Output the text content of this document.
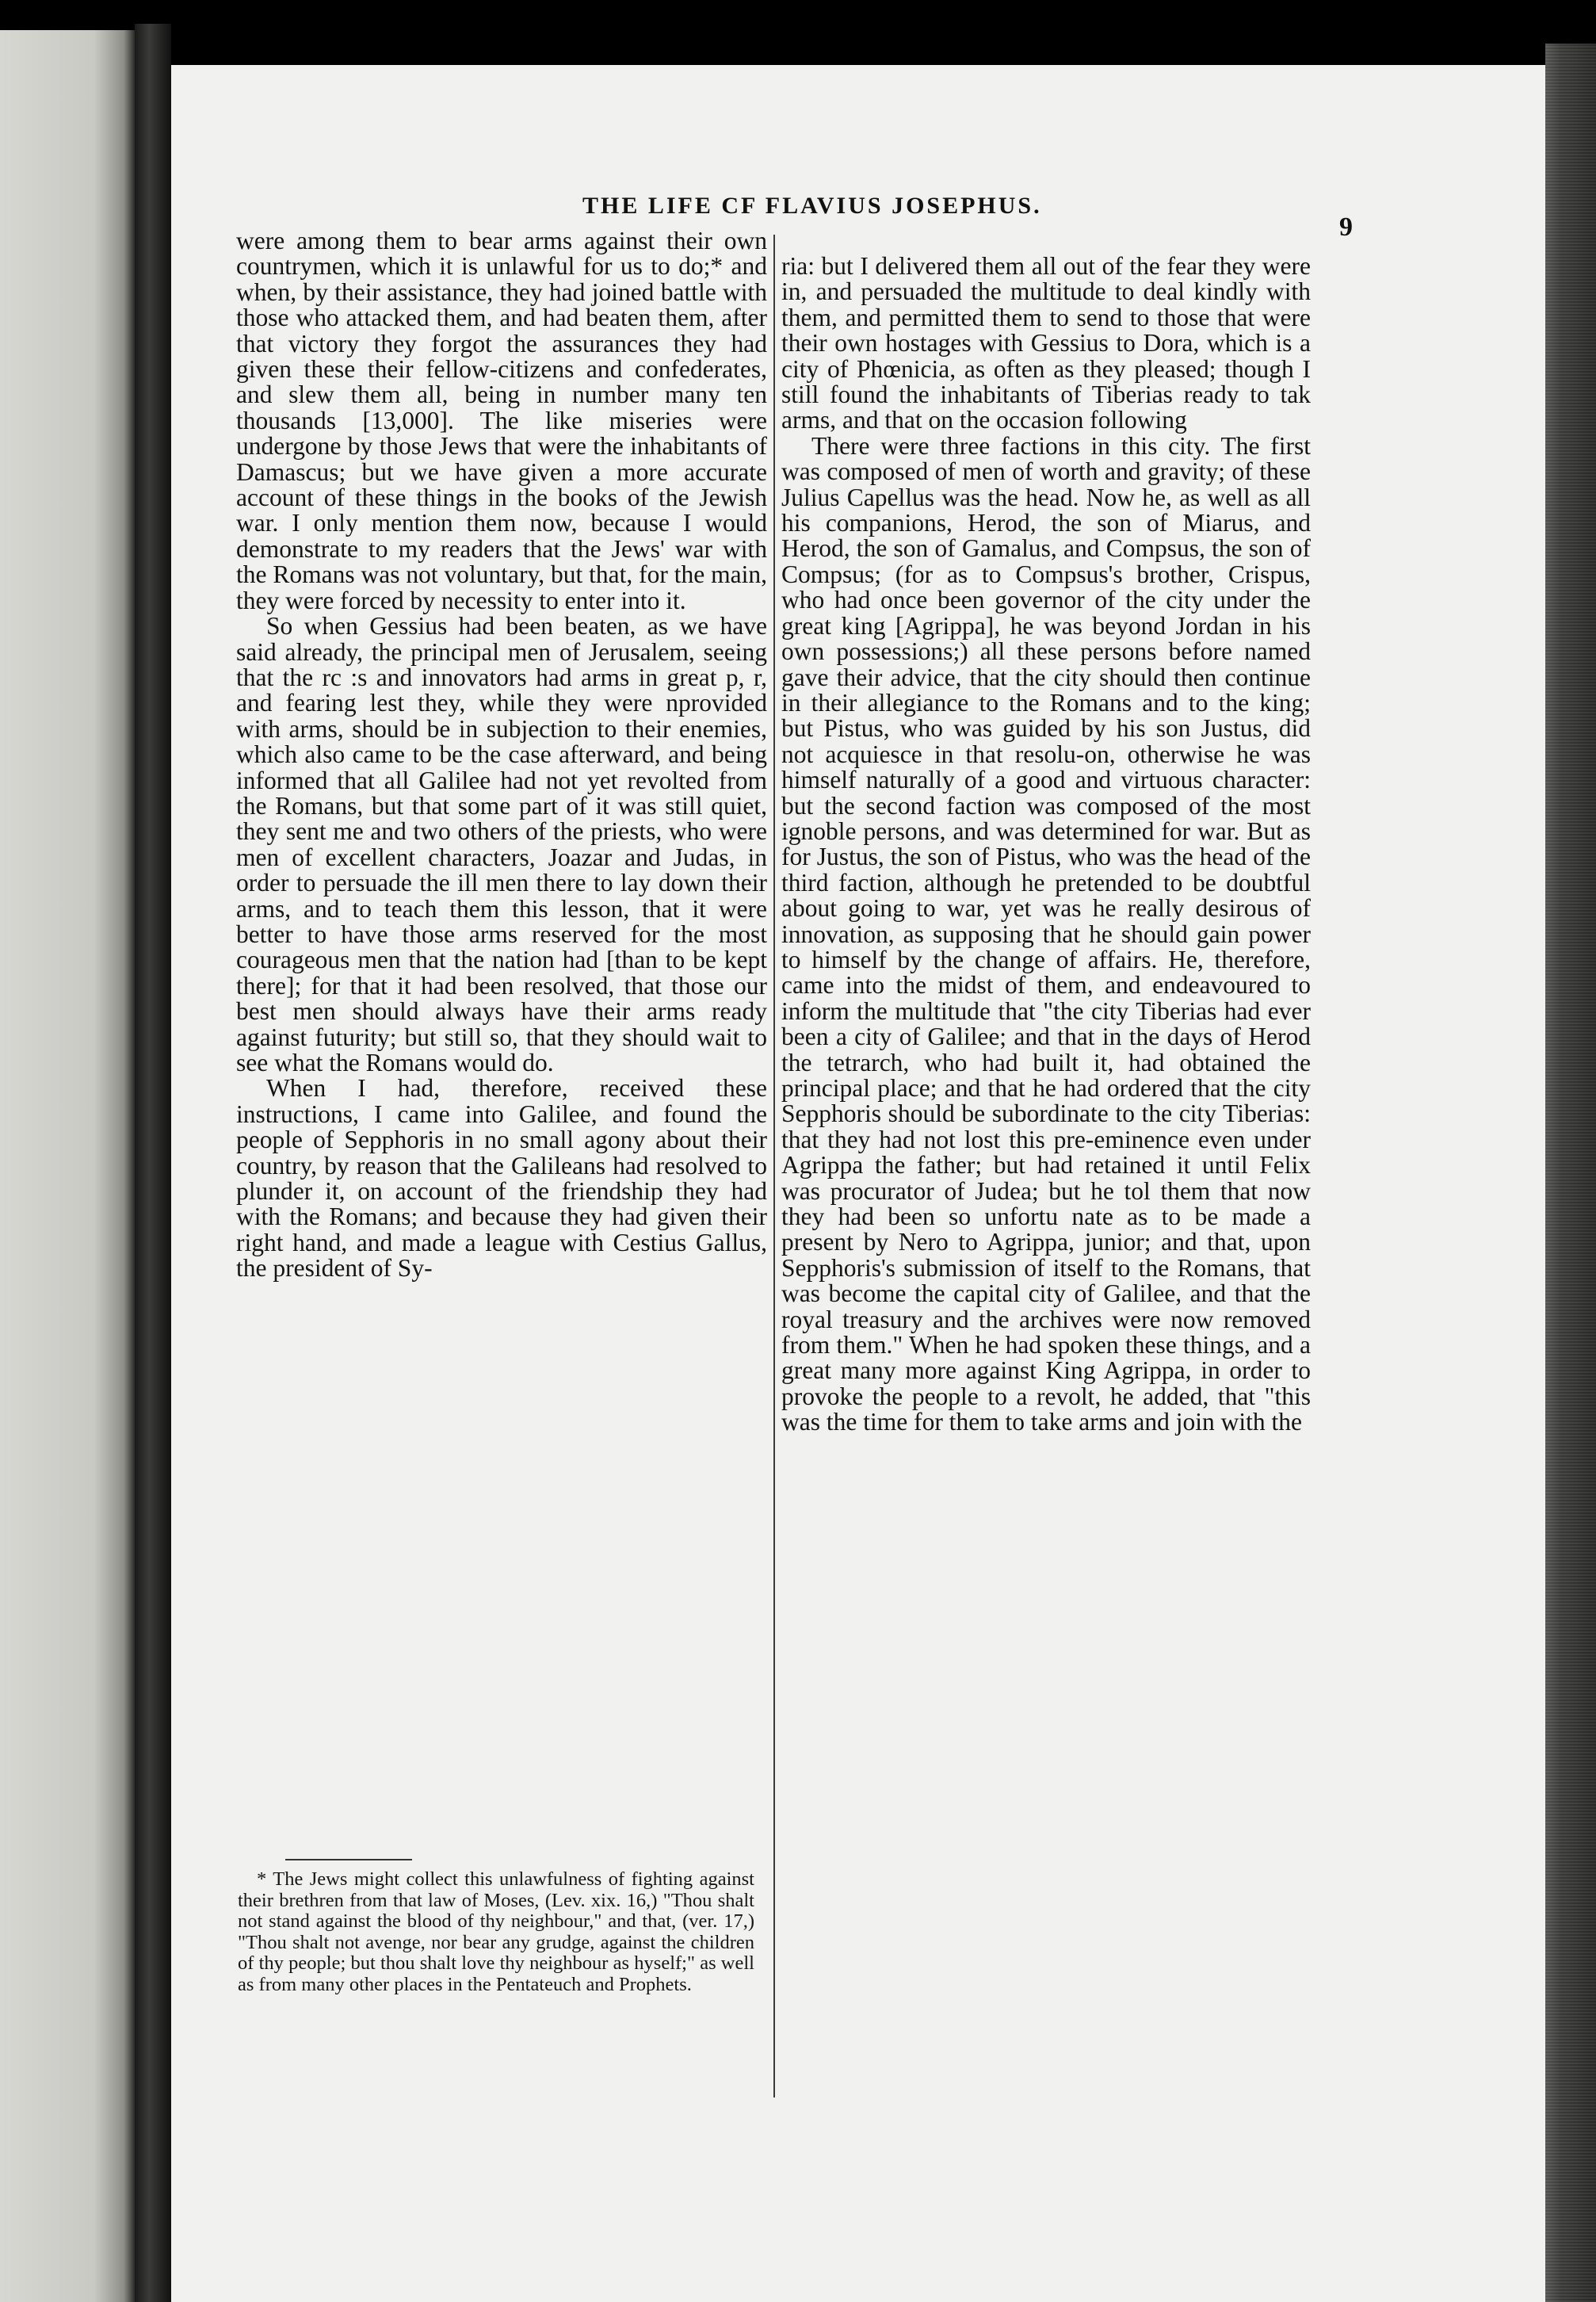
THE LIFE CF FLAVIUS JOSEPHUS.
9

were among them to bear arms against their own countrymen, which it is unlawful for us to do;* and when, by their assistance, they had joined battle with those who attacked them, and had beaten them, after that victory they forgot the assurances they had given these their fellow-citizens and confederates, and slew them all, being in number many ten thousands [13,000]. The like miseries were undergone by those Jews that were the inhabitants of Damascus; but we have given a more accurate account of these things in the books of the Jewish war. I only mention them now, because I would demonstrate to my readers that the Jews' war with the Romans was not voluntary, but that, for the main, they were forced by necessity to enter into it.

So when Gessius had been beaten, as we have said already, the principal men of Jerusalem, seeing that the rc :s and innovators had arms in great p, r, and fearing lest they, while they were nprovided with arms, should be in subjection to their enemies, which also came to be the case afterward, and being informed that all Galilee had not yet revolted from the Romans, but that some part of it was still quiet, they sent me and two others of the priests, who were men of excellent characters, Joazar and Judas, in order to persuade the ill men there to lay down their arms, and to teach them this lesson, that it were better to have those arms reserved for the most courageous men that the nation had [than to be kept there]; for that it had been resolved, that those our best men should always have their arms ready against futurity; but still so, that they should wait to see what the Romans would do.

When I had, therefore, received these instructions, I came into Galilee, and found the people of Sepphoris in no small agony about their country, by reason that the Galileans had resolved to plunder it, on account of the friendship they had with the Romans; and because they had given their right hand, and made a league with Cestius Gallus, the president of Sy-

* The Jews might collect this unlawfulness of fighting against their brethren from that law of Moses, (Lev. xix. 16,) "Thou shalt not stand against the blood of thy neighbour," and that, (ver. 17,) "Thou shalt not avenge, nor bear any grudge, against the children of thy people; but thou shalt love thy neighbour as hyself;" as well as from many other places in the Pentateuch and Prophets.

ria: but I delivered them all out of the fear they were in, and persuaded the multitude to deal kindly with them, and permitted them to send to those that were their own hostages with Gessius to Dora, which is a city of Phœnicia, as often as they pleased; though I still found the inhabitants of Tiberias ready to tak arms, and that on the occasion following

There were three factions in this city. The first was composed of men of worth and gravity; of these Julius Capellus was the head. Now he, as well as all his companions, Herod, the son of Miarus, and Herod, the son of Gamalus, and Compsus, the son of Compsus; (for as to Compsus's brother, Crispus, who had once been governor of the city under the great king [Agrippa], he was beyond Jordan in his own possessions;) all these persons before named gave their advice, that the city should then continue in their allegiance to the Romans and to the king; but Pistus, who was guided by his son Justus, did not acquiesce in that resolu-on, otherwise he was himself naturally of a good and virtuous character: but the second faction was composed of the most ignoble persons, and was determined for war. But as for Justus, the son of Pistus, who was the head of the third faction, although he pretended to be doubtful about going to war, yet was he really desirous of innovation, as supposing that he should gain power to himself by the change of affairs. He, therefore, came into the midst of them, and endeavoured to inform the multitude that "the city Tiberias had ever been a city of Galilee; and that in the days of Herod the tetrarch, who had built it, had obtained the principal place; and that he had ordered that the city Sepphoris should be subordinate to the city Tiberias: that they had not lost this pre-eminence even under Agrippa the father; but had retained it until Felix was procurator of Judea; but he tol them that now they had been so unfortu nate as to be made a present by Nero to Agrippa, junior; and that, upon Sepphoris's submission of itself to the Romans, that was become the capital city of Galilee, and that the royal treasury and the archives were now removed from them." When he had spoken these things, and a great many more against King Agrippa, in order to provoke the people to a revolt, he added, that "this was the time for them to take arms and join with the
